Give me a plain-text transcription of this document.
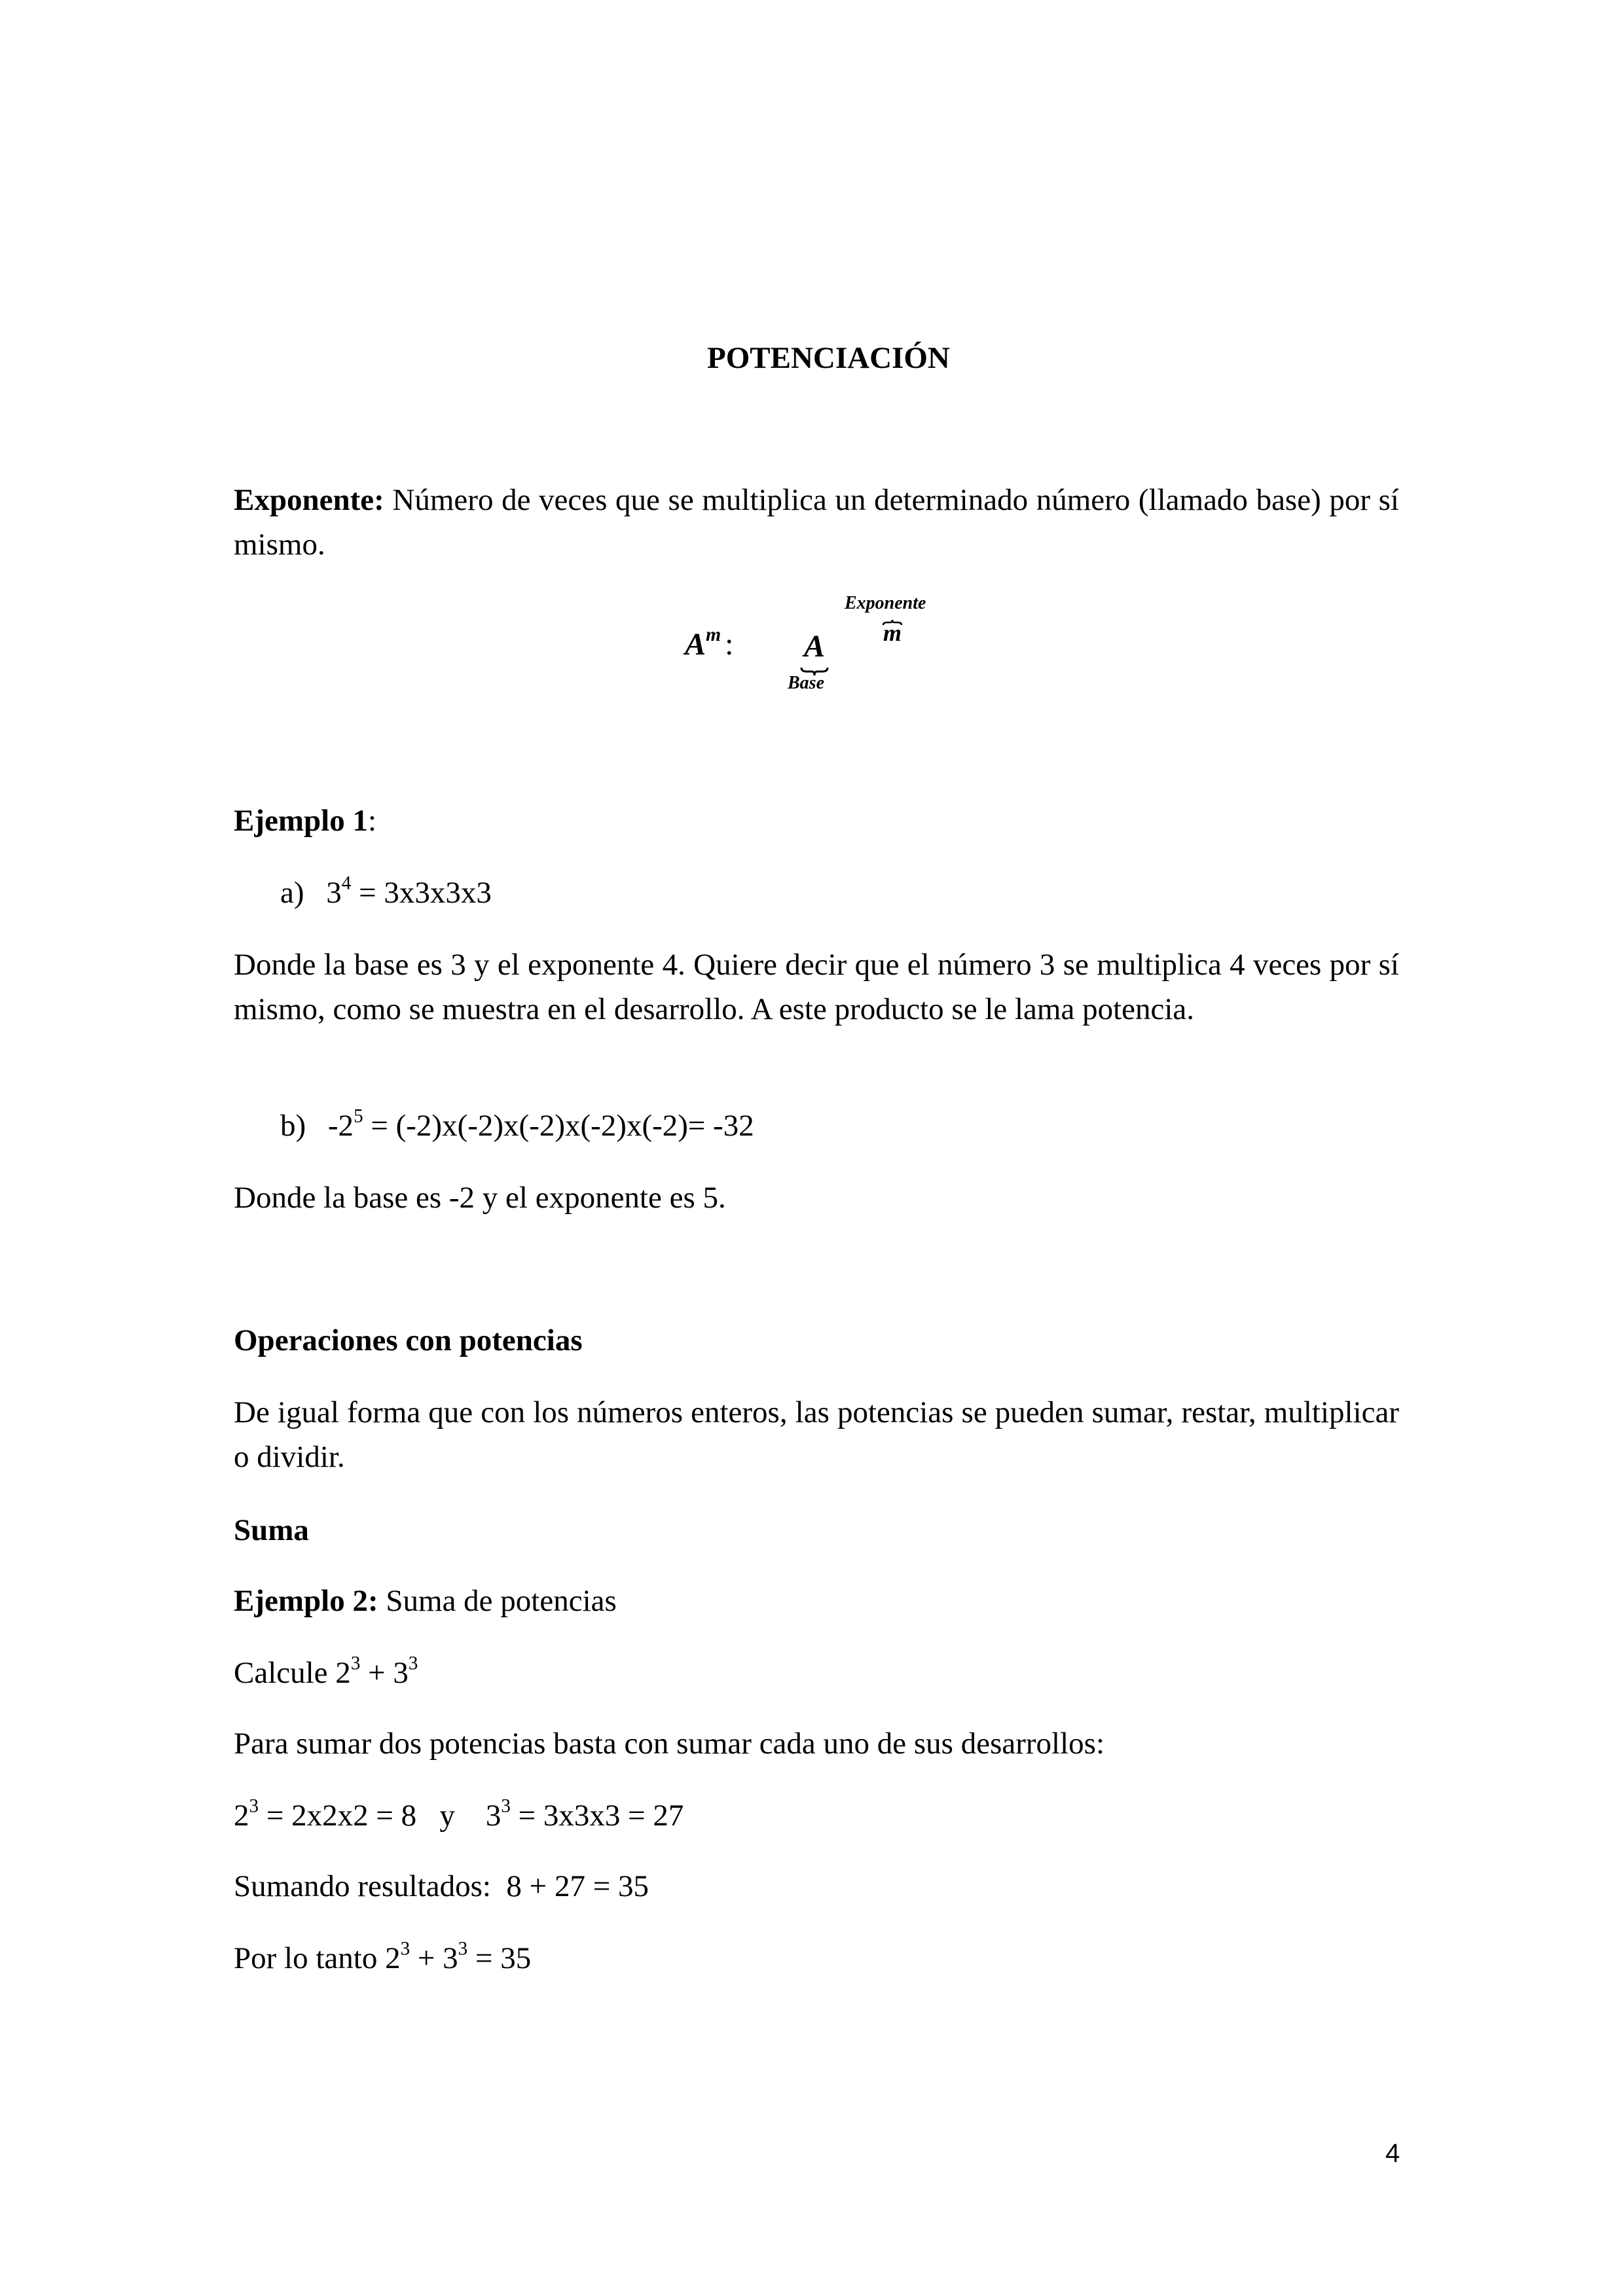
POTENCIACIÓN
Exponente: Número de veces que se multiplica un determinado número (llamado base) por sí mismo.
$A^m$ : A
Base
Exponente
m
Ejemplo 1:
a) $3^4 = 3x3x3x3$
Donde la base es 3 y el exponente 4. Quiere decir que el número 3 se multiplica 4 veces por sí mismo, como se muestra en el desarrollo. A este producto se le lama potencia.
b) $-2^5 = (-2)x(-2)x(-2)x(-2)x(-2)= -32$
Donde la base es -2 y el exponente es 5.
Operaciones con potencias
De igual forma que con los números enteros, las potencias se pueden sumar, restar, multiplicar o dividir.
Suma
Ejemplo 2: Suma de potencias
Calcule $2^3 + 3^3$
Para sumar dos potencias basta con sumar cada uno de sus desarrollos:
$2^3 = 2x2x2 = 8$   y    $3^3 = 3x3x3 = 27$
Sumando resultados:  8 + 27 = 35
Por lo tanto $2^3 + 3^3 = 35$
4
